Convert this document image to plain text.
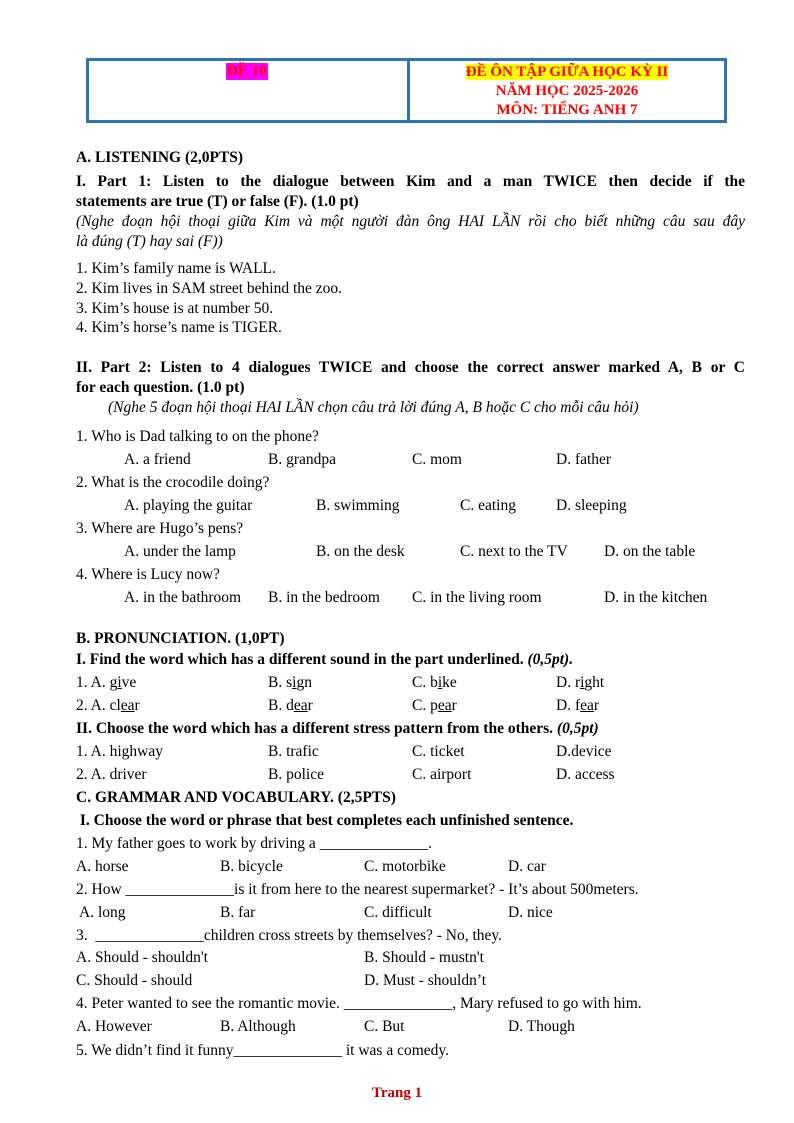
ĐỀ 10	ĐỀ ÔN TẬP GIỮA HỌC KỲ II
NĂM HỌC 2025-2026
MÔN: TIẾNG ANH 7
A. LISTENING (2,0PTS)
I. Part 1: Listen to the dialogue between Kim and a man TWICE then decide if the
statements are true (T) or false (F). (1.0 pt)
(Nghe đoạn hội thoại giữa Kim và một người đàn ông HAI LẦN rồi cho biết những câu sau đây
là đúng (T) hay sai (F))
1. Kim’s family name is WALL.
2. Kim lives in SAM street behind the zoo.
3. Kim’s house is at number 50.
4. Kim’s horse’s name is TIGER.
II. Part 2: Listen to 4 dialogues TWICE and choose the correct answer marked A, B or C
for each question. (1.0 pt)
(Nghe 5 đoạn hội thoại HAI LẦN chọn câu trả lời đúng A, B hoặc C cho mỗi câu hỏi)
1. Who is Dad talking to on the phone?
A. a friend	B. grandpa	C. mom	D. father
2. What is the crocodile doing?
A. playing the guitar	B. swimming	C. eating	D. sleeping
3. Where are Hugo’s pens?
A. under the lamp	B. on the desk	C. next to the TV D. on the table
4. Where is Lucy now?
A. in the bathroom B. in the bedroom C. in the living room	D. in the kitchen
B. PRONUNCIATION. (1,0PT)
I. Find the word which has a different sound in the part underlined. (0,5pt).
1. A. give	B. sign	C. bike	D. right
2. A. clear	B. dear	C. pear	D. fear
II. Choose the word which has a different stress pattern from the others. (0,5pt)
1. A. highway	B. trafic	C. ticket	D.device
2. A. driver	B. police	C. airport	D. access
C. GRAMMAR AND VOCABULARY. (2,5PTS)
I. Choose the word or phrase that best completes each unfinished sentence.
1. My father goes to work by driving a ______________.
A. horse	B. bicycle	C. motorbike	D. car
2. How ______________is it from here to the nearest supermarket? - It’s about 500meters.
A. long	B. far	C. difficult	D. nice
3.  ______________children cross streets by themselves? - No, they.
A. Should - shouldn't	B. Should - mustn't
C. Should - should	D. Must - shouldn’t
4. Peter wanted to see the romantic movie. ______________, Mary refused to go with him.
A. However	B. Although	C. But	D. Though
5. We didn’t find it funny______________ it was a comedy.
Trang 1
